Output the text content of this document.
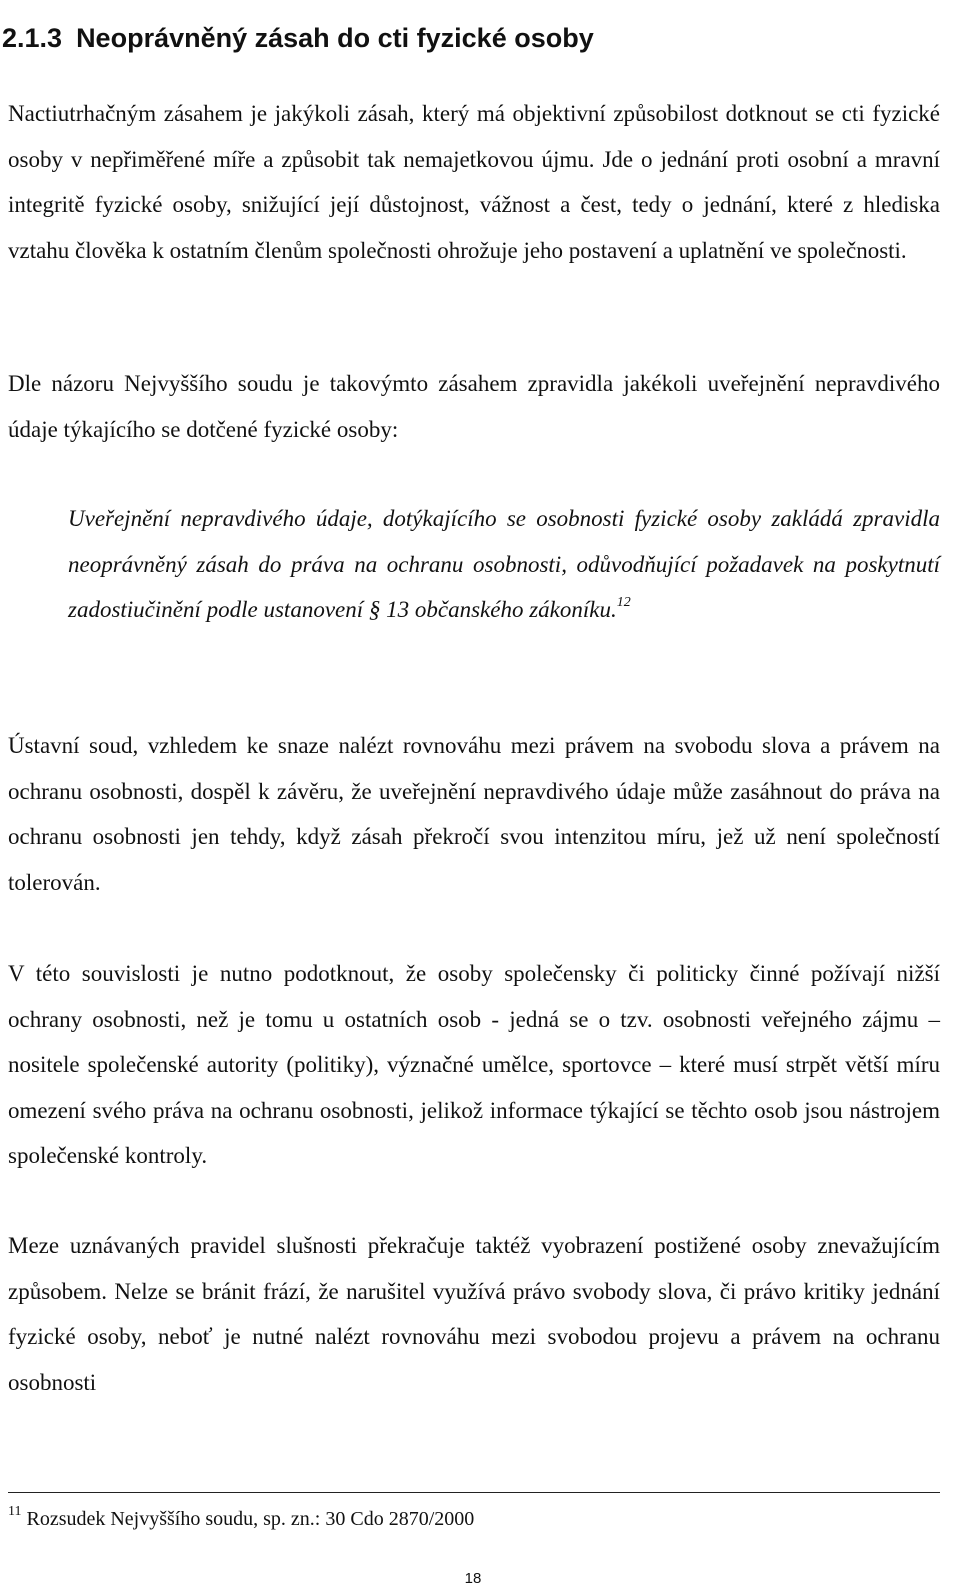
2.1.3 Neoprávněný zásah do cti fyzické osoby

Nactiutrhačným zásahem je jakýkoli zásah, který má objektivní způsobilost dotknout se cti fyzické osoby v nepřiměřené míře a způsobit tak nemajetkovou újmu. Jde o jednání proti osobní a mravní integritě fyzické osoby, snižující její důstojnost, vážnost a čest, tedy o jednání, které z hlediska vztahu člověka k ostatním členům společnosti ohrožuje jeho postavení a uplatnění ve společnosti.

Dle názoru Nejvyššího soudu je takovýmto zásahem zpravidla jakékoli uveřejnění nepravdivého údaje týkajícího se dotčené fyzické osoby:

Uveřejnění nepravdivého údaje, dotýkajícího se osobnosti fyzické osoby zakládá zpravidla neoprávněný zásah do práva na ochranu osobnosti, odůvodňující požadavek na poskytnutí zadostiučinění podle ustanovení § 13 občanského zákoníku.$^{12}$

Ústavní soud, vzhledem ke snaze nalézt rovnováhu mezi právem na svobodu slova a právem na ochranu osobnosti, dospěl k závěru, že uveřejnění nepravdivého údaje může zasáhnout do práva na ochranu osobnosti jen tehdy, když zásah překročí svou intenzitou míru, jež už není společností tolerován.

V této souvislosti je nutno podotknout, že osoby společensky či politicky činné požívají nižší ochrany osobnosti, než je tomu u ostatních osob - jedná se o tzv. osobnosti veřejného zájmu – nositele společenské autority (politiky), význačné umělce, sportovce – které musí strpět větší míru omezení svého práva na ochranu osobnosti, jelikož informace týkající se těchto osob jsou nástrojem společenské kontroly.

Meze uznávaných pravidel slušnosti překračuje taktéž vyobrazení postižené osoby znevažujícím způsobem. Nelze se bránit frází, že narušitel využívá právo svobody slova, či právo kritiky jednání fyzické osoby, neboť je nutné nalézt rovnováhu mezi svobodou projevu a právem na ochranu osobnosti

$^{11}$ Rozsudek Nejvyššího soudu, sp. zn.: 30 Cdo 2870/2000
18
